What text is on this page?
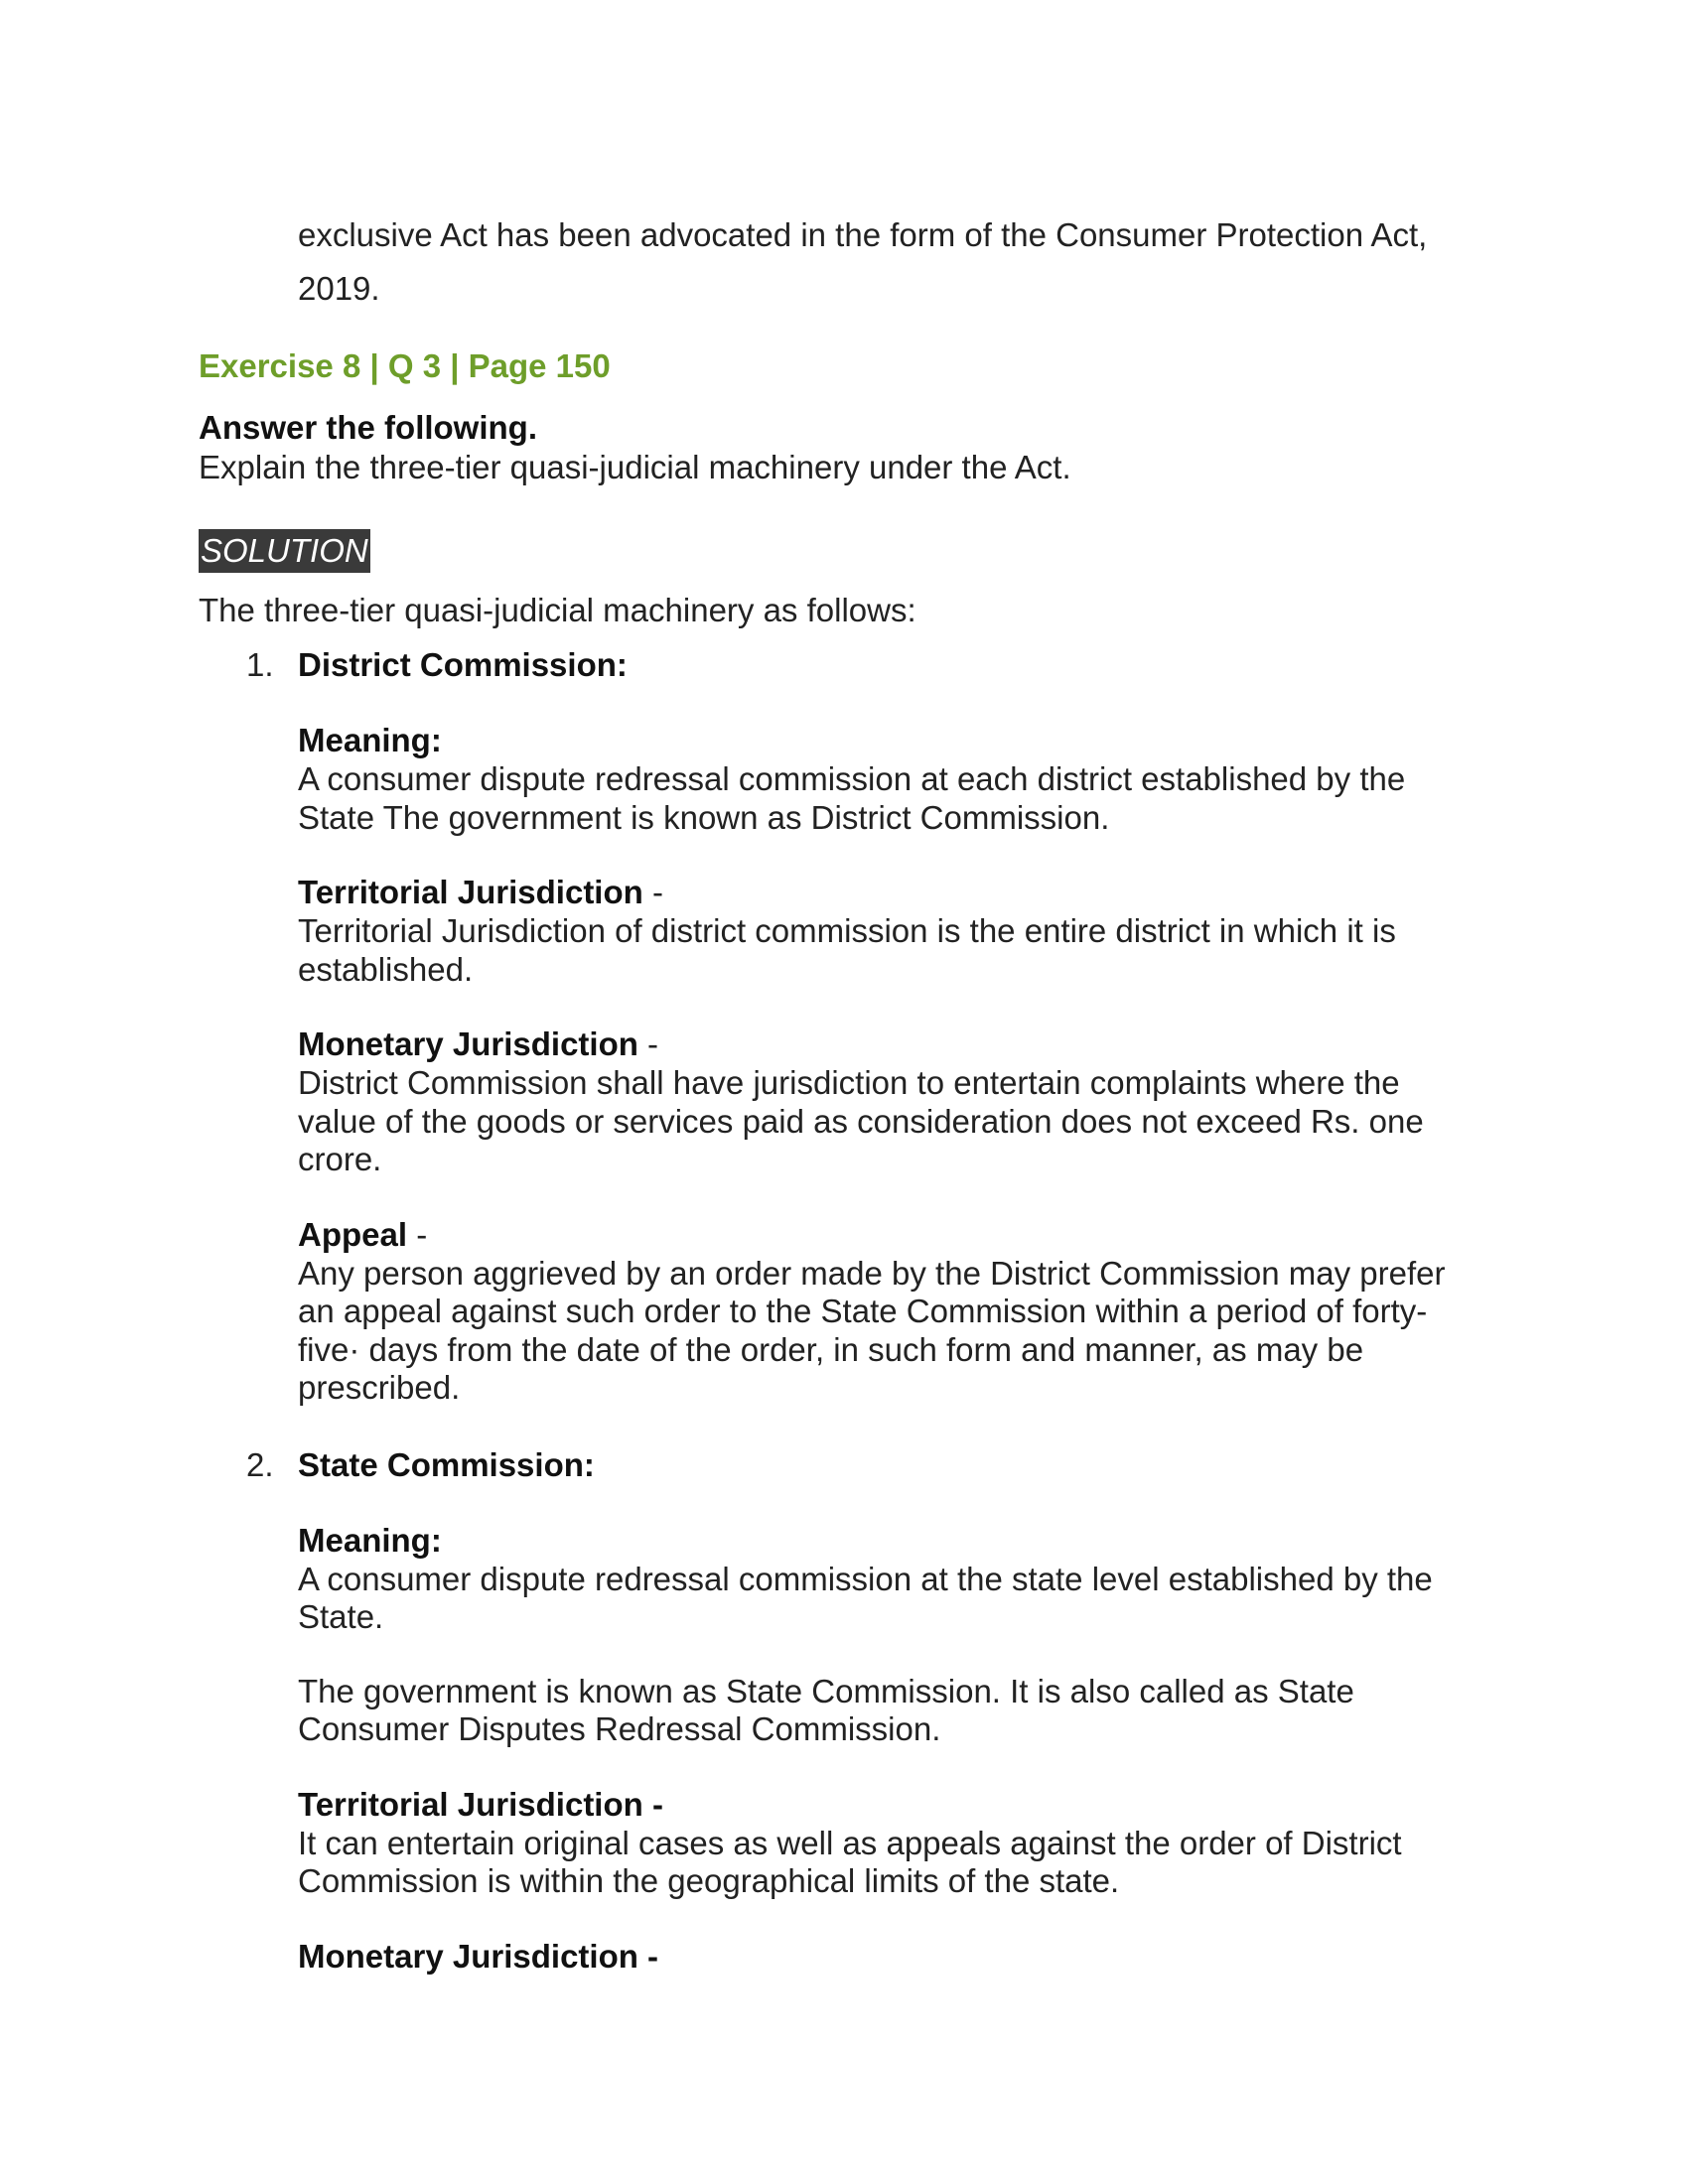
exclusive Act has been advocated in the form of the Consumer Protection Act, 2019.

Exercise 8 | Q 3 | Page 150

Answer the following.

Explain the three-tier quasi-judicial machinery under the Act.

SOLUTION

The three-tier quasi-judicial machinery as follows:

1. District Commission:

Meaning:

A consumer dispute redressal commission at each district established by the State The government is known as District Commission.

Territorial Jurisdiction -

Territorial Jurisdiction of district commission is the entire district in which it is established.

Monetary Jurisdiction -

District Commission shall have jurisdiction to entertain complaints where the value of the goods or services paid as consideration does not exceed Rs. one crore.

Appeal -

Any person aggrieved by an order made by the District Commission may prefer an appeal against such order to the State Commission within a period of forty-five· days from the date of the order, in such form and manner, as may be prescribed.

2. State Commission:

Meaning:

A consumer dispute redressal commission at the state level established by the State.

The government is known as State Commission. It is also called as State Consumer Disputes Redressal Commission.

Territorial Jurisdiction -

It can entertain original cases as well as appeals against the order of District Commission is within the geographical limits of the state.

Monetary Jurisdiction -
